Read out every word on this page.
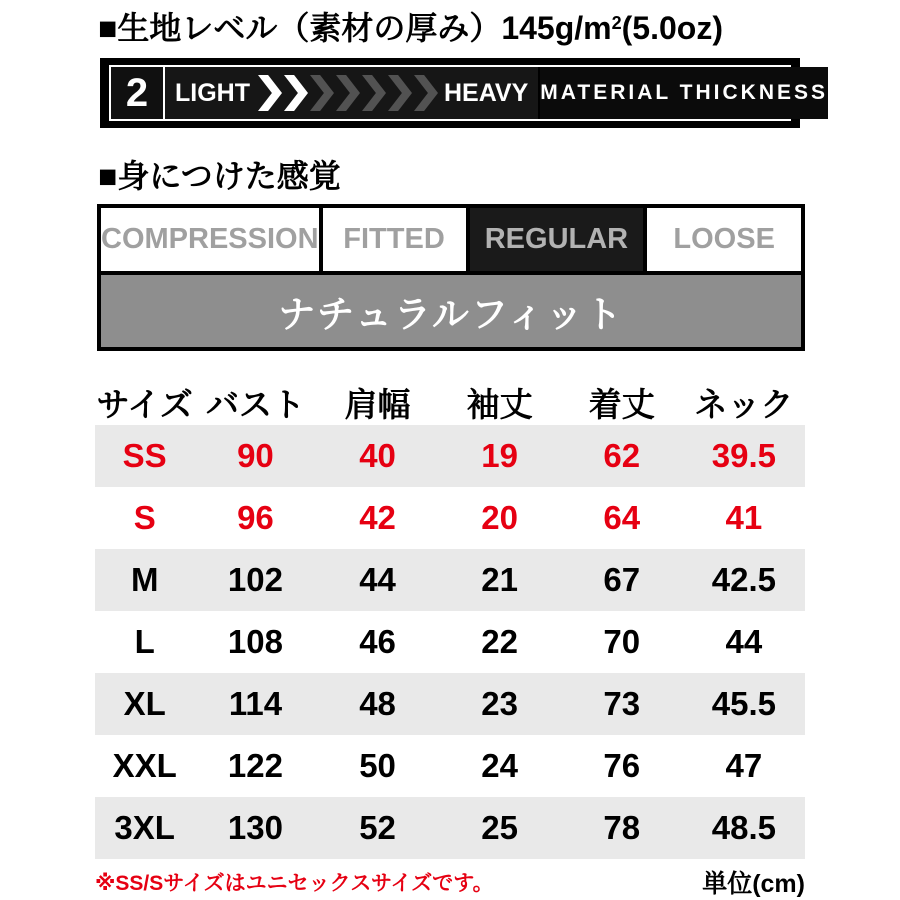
■生地レベル（素材の厚み）$145g/m^2(5.0oz)$
2	LIGHT	HEAVY MATERIAL THICKNESS
■身につけた感覚
COMPRESSION FITTED	REGULAR	LOOSE
ナチュラルフィット
サイズ バスト	肩幅	袖丈	着丈	ネック
SS	90	40	19	62	39.5
S	96	42	20	64	41
M	102	44	21	67	42.5
L	108	46	22	70	44
XL	114	48	23	73	45.5
XXL	122	50	24	76	47
3XL	130	52	25	78	48.5
※SS/Sサイズはユニセックスサイズです。	単位(cm)
